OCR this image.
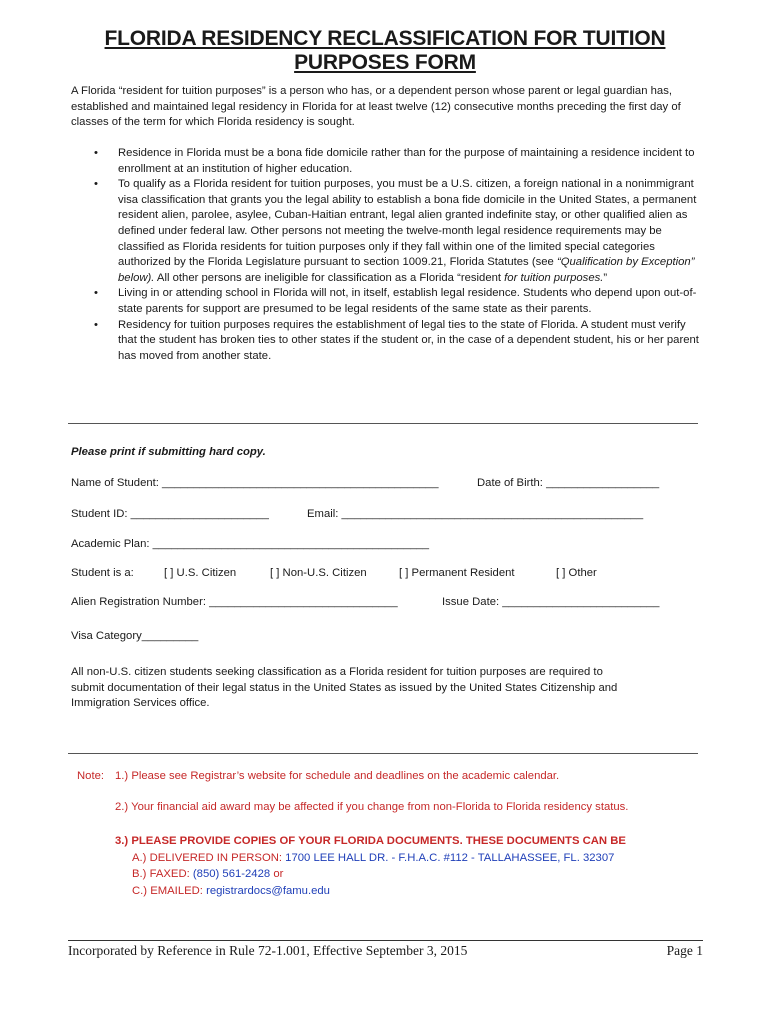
FLORIDA RESIDENCY RECLASSIFICATION FOR TUITION
PURPOSES FORM
A Florida “resident for tuition purposes” is a person who has, or a dependent person whose parent or legal guardian has, established and maintained legal residency in Florida for at least twelve (12) consecutive months preceding the first day of classes of the term for which Florida residency is sought.
• Residence in Florida must be a bona fide domicile rather than for the purpose of maintaining a residence incident to enrollment at an institution of higher education.
• To qualify as a Florida resident for tuition purposes, you must be a U.S. citizen, a foreign national in a nonimmigrant visa classification that grants you the legal ability to establish a bona fide domicile in the United States, a permanent resident alien, parolee, asylee, Cuban-Haitian entrant, legal alien granted indefinite stay, or other qualified alien as defined under federal law. Other persons not meeting the twelve-month legal residence requirements may be classified as Florida residents for tuition purposes only if they fall within one of the limited special categories authorized by the Florida Legislature pursuant to section 1009.21, Florida Statutes (see “Qualification by Exception” below). All other persons are ineligible for classification as a Florida “resident for tuition purposes.”
• Living in or attending school in Florida will not, in itself, establish legal residence. Students who depend upon out-of-state parents for support are presumed to be legal residents of the same state as their parents.
• Residency for tuition purposes requires the establishment of legal ties to the state of Florida. A student must verify that the student has broken ties to other states if the student or, in the case of a dependent student, his or her parent has moved from another state.
Please print if submitting hard copy.
Name of Student: ____________________________________________	Date of Birth: __________________
Student ID: ______________________	Email: ________________________________________________
Academic Plan: ____________________________________________
Student is a:	[ ] U.S. Citizen	[ ] Non-U.S. Citizen	[ ] Permanent Resident	[ ] Other
Alien Registration Number: ______________________________	Issue Date: _________________________
Visa Category_________
All non-U.S. citizen students seeking classification as a Florida resident for tuition purposes are required to
submit documentation of their legal status in the United States as issued by the United States Citizenship and
Immigration Services office.
Note: 1.) Please see Registrar’s website for schedule and deadlines on the academic calendar.
2.) Your financial aid award may be affected if you change from non-Florida to Florida residency status.
3.) PLEASE PROVIDE COPIES OF YOUR FLORIDA DOCUMENTS. THESE DOCUMENTS CAN BE
A.) DELIVERED IN PERSON: 1700 LEE HALL DR. - F.H.A.C. #112 - TALLAHASSEE, FL. 32307
B.) FAXED: (850) 561-2428 or
C.) EMAILED: registrardocs@famu.edu
Incorporated by Reference in Rule 72-1.001, Effective September 3, 2015	Page 1
